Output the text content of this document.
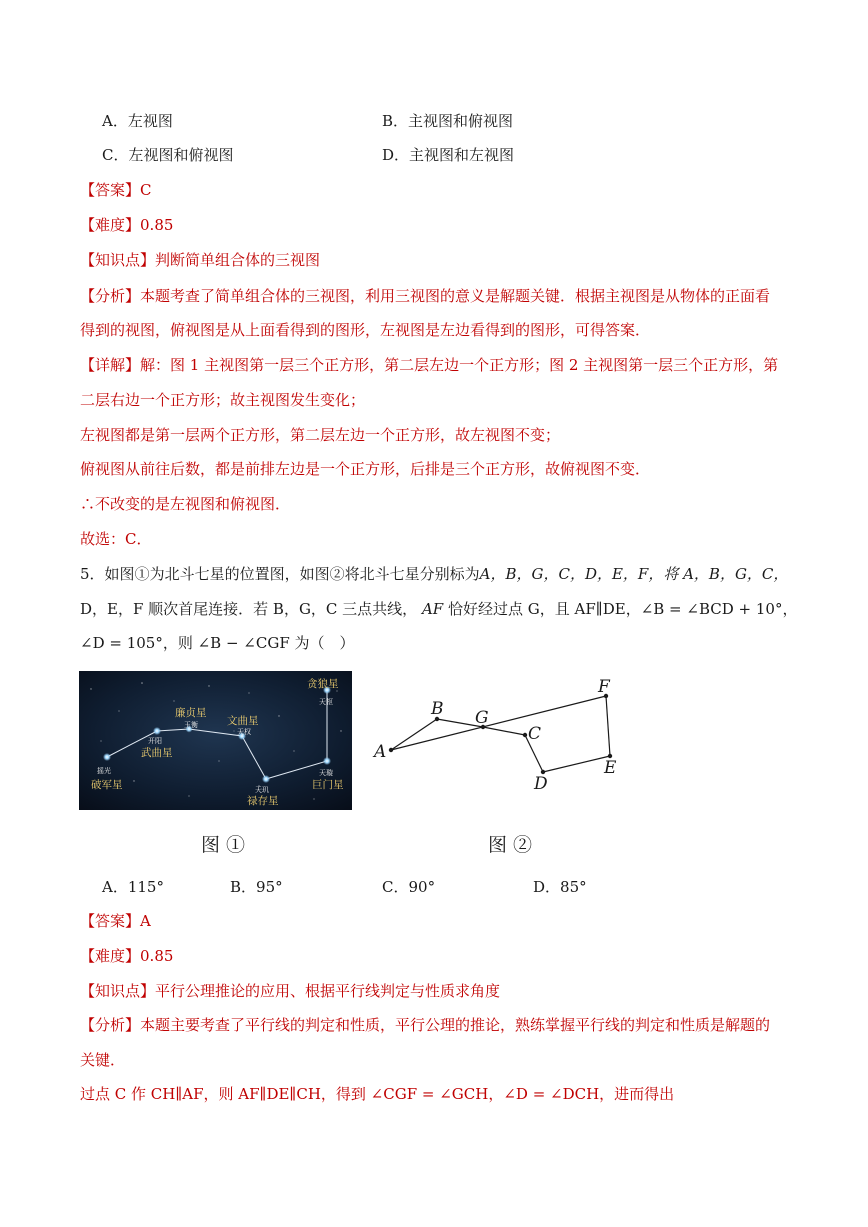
A．左视图	B．主视图和俯视图
C．左视图和俯视图	D．主视图和左视图
【答案】C
【难度】0.85
【知识点】判断简单组合体的三视图
【分析】本题考查了简单组合体的三视图，利用三视图的意义是解题关键．根据主视图是从物体的正面看
得到的视图，俯视图是从上面看得到的图形，左视图是左边看得到的图形，可得答案．
【详解】解：图 1 主视图第一层三个正方形，第二层左边一个正方形；图 2 主视图第一层三个正方形，第
二层右边一个正方形；故主视图发生变化；
左视图都是第一层两个正方形，第二层左边一个正方形，故左视图不变；
俯视图从前往后数，都是前排左边是一个正方形，后排是三个正方形，故俯视图不变．
∴不改变的是左视图和俯视图．
故选：C．
5．如图①为北斗七星的位置图，如图②将北斗七星分别标为A，B，G，C，D，E，F，将 A，B，G，C，
D，E，F 顺次首尾连接．若 B，G，C 三点共线， AF 恰好经过点 G，且 AF∥DE，∠B = ∠BCD + 10°，
∠D = 105°，则 ∠B − ∠CGF 为（　）
破军星
摇光
武曲星
开阳
廉贞星
玉衡	文曲星
天权
禄存星
天玑	巨门星
天璇
贪狼星
天枢
A
B G
C
D
E
F
图 ①	图 ②
A．115°	B．95°	C．90°	D．85°
【答案】A
【难度】0.85
【知识点】平行公理推论的应用、根据平行线判定与性质求角度
【分析】本题主要考查了平行线的判定和性质，平行公理的推论，熟练掌握平行线的判定和性质是解题的
关键．
过点 C 作 CH∥AF，则 AF∥DE∥CH，得到 ∠CGF = ∠GCH，∠D = ∠DCH，进而得出
